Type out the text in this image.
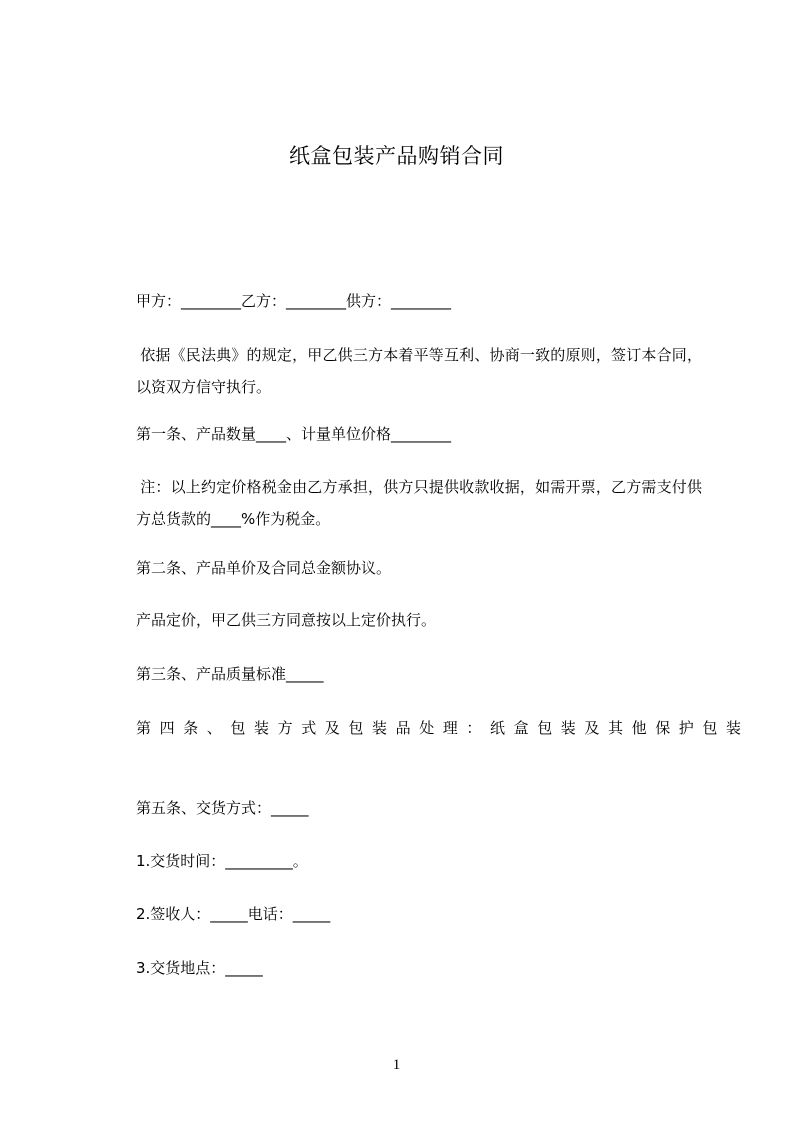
纸盒包装产品购销合同
甲方：________乙方：________供方：________
依据《民法典》的规定，甲乙供三方本着平等互利、协商一致的原则，签订本合同，以资双方信守执行。
第一条、产品数量____、计量单位价格________
注：以上约定价格税金由乙方承担，供方只提供收款收据，如需开票，乙方需支付供方总货款的____%作为税金。
第二条、产品单价及合同总金额协议。
产品定价，甲乙供三方同意按以上定价执行。
第三条、产品质量标准_____
第四条、包装方式及包装品处理：纸盒包装及其他保护包装
第五条、交货方式：_____
1.交货时间：_________。
2.签收人：_____电话：_____
3.交货地点：_____
1
